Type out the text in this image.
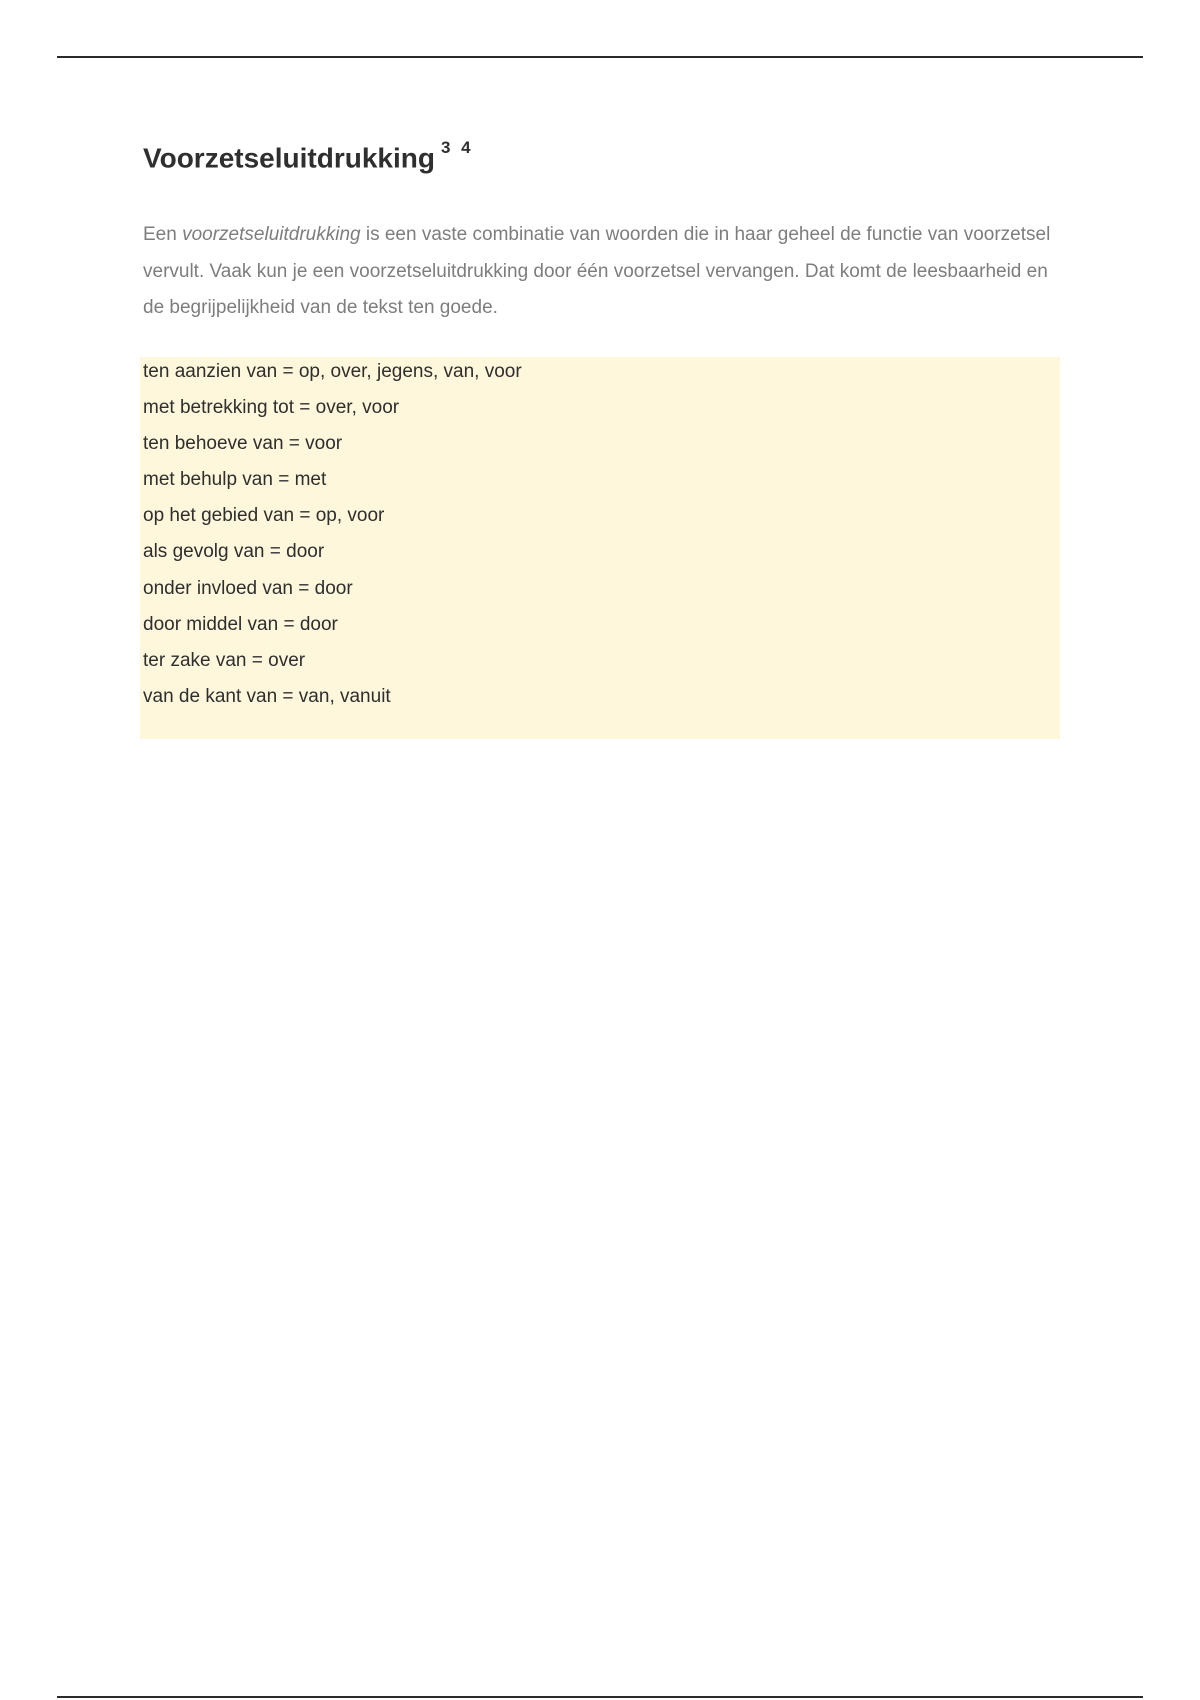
Voorzetseluitdrukking $^{3 4}$

Een voorzetseluitdrukking is een vaste combinatie van woorden die in haar geheel de functie van voorzetsel vervult. Vaak kun je een voorzetseluitdrukking door één voorzetsel vervangen. Dat komt de leesbaarheid en de begrijpelijkheid van de tekst ten goede.

ten aanzien van = op, over, jegens, van, voor
met betrekking tot = over, voor
ten behoeve van = voor
met behulp van = met
op het gebied van = op, voor
als gevolg van = door
onder invloed van = door
door middel van = door
ter zake van = over
van de kant van = van, vanuit
